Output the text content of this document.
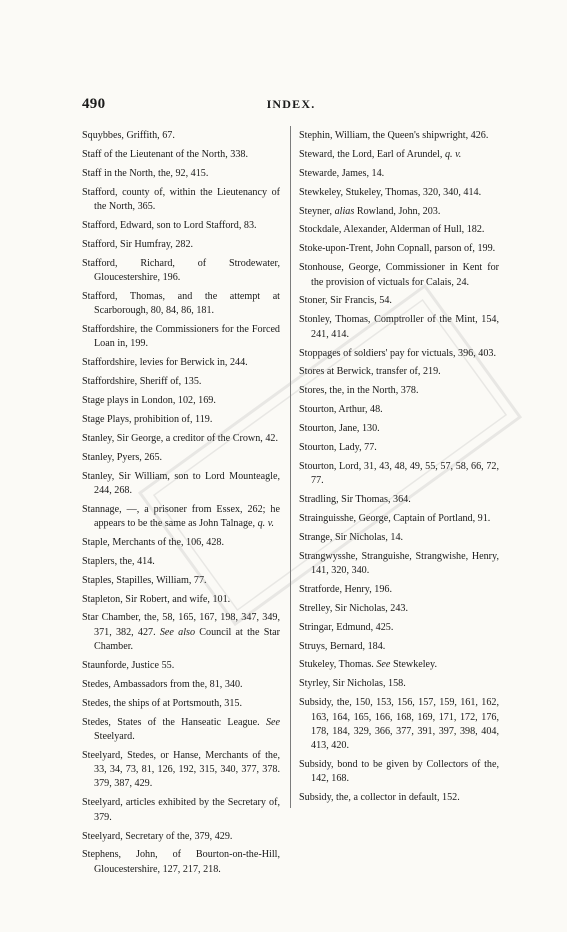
490	INDEX.

Squybbes, Griffith, 67.

Staff of the Lieutenant of the North, 338.

Staff in the North, the, 92, 415.

Stafford, county of, within the Lieutenancy of the North, 365.

Stafford, Edward, son to Lord Stafford, 83.

Stafford, Sir Humfray, 282.

Stafford, Richard, of Strodewater, Gloucestershire, 196.

Stafford, Thomas, and the attempt at Scarborough, 80, 84, 86, 181.

Staffordshire, the Commissioners for the Forced Loan in, 199.

Staffordshire, levies for Berwick in, 244.

Staffordshire, Sheriff of, 135.

Stage plays in London, 102, 169.

Stage Plays, prohibition of, 119.

Stanley, Sir George, a creditor of the Crown, 42.

Stanley, Pyers, 265.

Stanley, Sir William, son to Lord Mounteagle, 244, 268.

Stannage, —, a prisoner from Essex, 262; he appears to be the same as John Talnage, q. v.

Staple, Merchants of the, 106, 428.

Staplers, the, 414.

Staples, Stapilles, William, 77.

Stapleton, Sir Robert, and wife, 101.

Star Chamber, the, 58, 165, 167, 198, 347, 349, 371, 382, 427. See also Council at the Star Chamber.

Staunforde, Justice 55.

Stedes, Ambassadors from the, 81, 340.

Stedes, the ships of at Portsmouth, 315.

Stedes, States of the Hanseatic League. See Steelyard.

Steelyard, Stedes, or Hanse, Merchants of the, 33, 34, 73, 81, 126, 192, 315, 340, 377, 378. 379, 387, 429.

Steelyard, articles exhibited by the Secretary of, 379.

Steelyard, Secretary of the, 379, 429.

Stephens, John, of Bourton-on-the-Hill, Gloucestershire, 127, 217, 218.

Stephin, William, the Queen's shipwright, 426.

Steward, the Lord, Earl of Arundel, q. v.

Stewarde, James, 14.

Stewkeley, Stukeley, Thomas, 320, 340, 414.

Steyner, alias Rowland, John, 203.

Stockdale, Alexander, Alderman of Hull, 182.

Stoke-upon-Trent, John Copnall, parson of, 199.

Stonhouse, George, Commissioner in Kent for the provision of victuals for Calais, 24.

Stoner, Sir Francis, 54.

Stonley, Thomas, Comptroller of the Mint, 154, 241, 414.

Stoppages of soldiers' pay for victuals, 396, 403.

Stores at Berwick, transfer of, 219.

Stores, the, in the North, 378.

Stourton, Arthur, 48.

Stourton, Jane, 130.

Stourton, Lady, 77.

Stourton, Lord, 31, 43, 48, 49, 55, 57, 58, 66, 72, 77.

Stradling, Sir Thomas, 364.

Strainguisshe, George, Captain of Portland, 91.

Strange, Sir Nicholas, 14.

Strangwysshe, Stranguishe, Strangwishe, Henry, 141, 320, 340.

Stratforde, Henry, 196.

Strelley, Sir Nicholas, 243.

Stringar, Edmund, 425.

Struys, Bernard, 184.

Stukeley, Thomas. See Stewkeley.

Styrley, Sir Nicholas, 158.

Subsidy, the, 150, 153, 156, 157, 159, 161, 162, 163, 164, 165, 166, 168, 169, 171, 172, 176, 178, 184, 329, 366, 377, 391, 397, 398, 404, 413, 420.

Subsidy, bond to be given by Collectors of the, 142, 168.

Subsidy, the, a collector in default, 152.
